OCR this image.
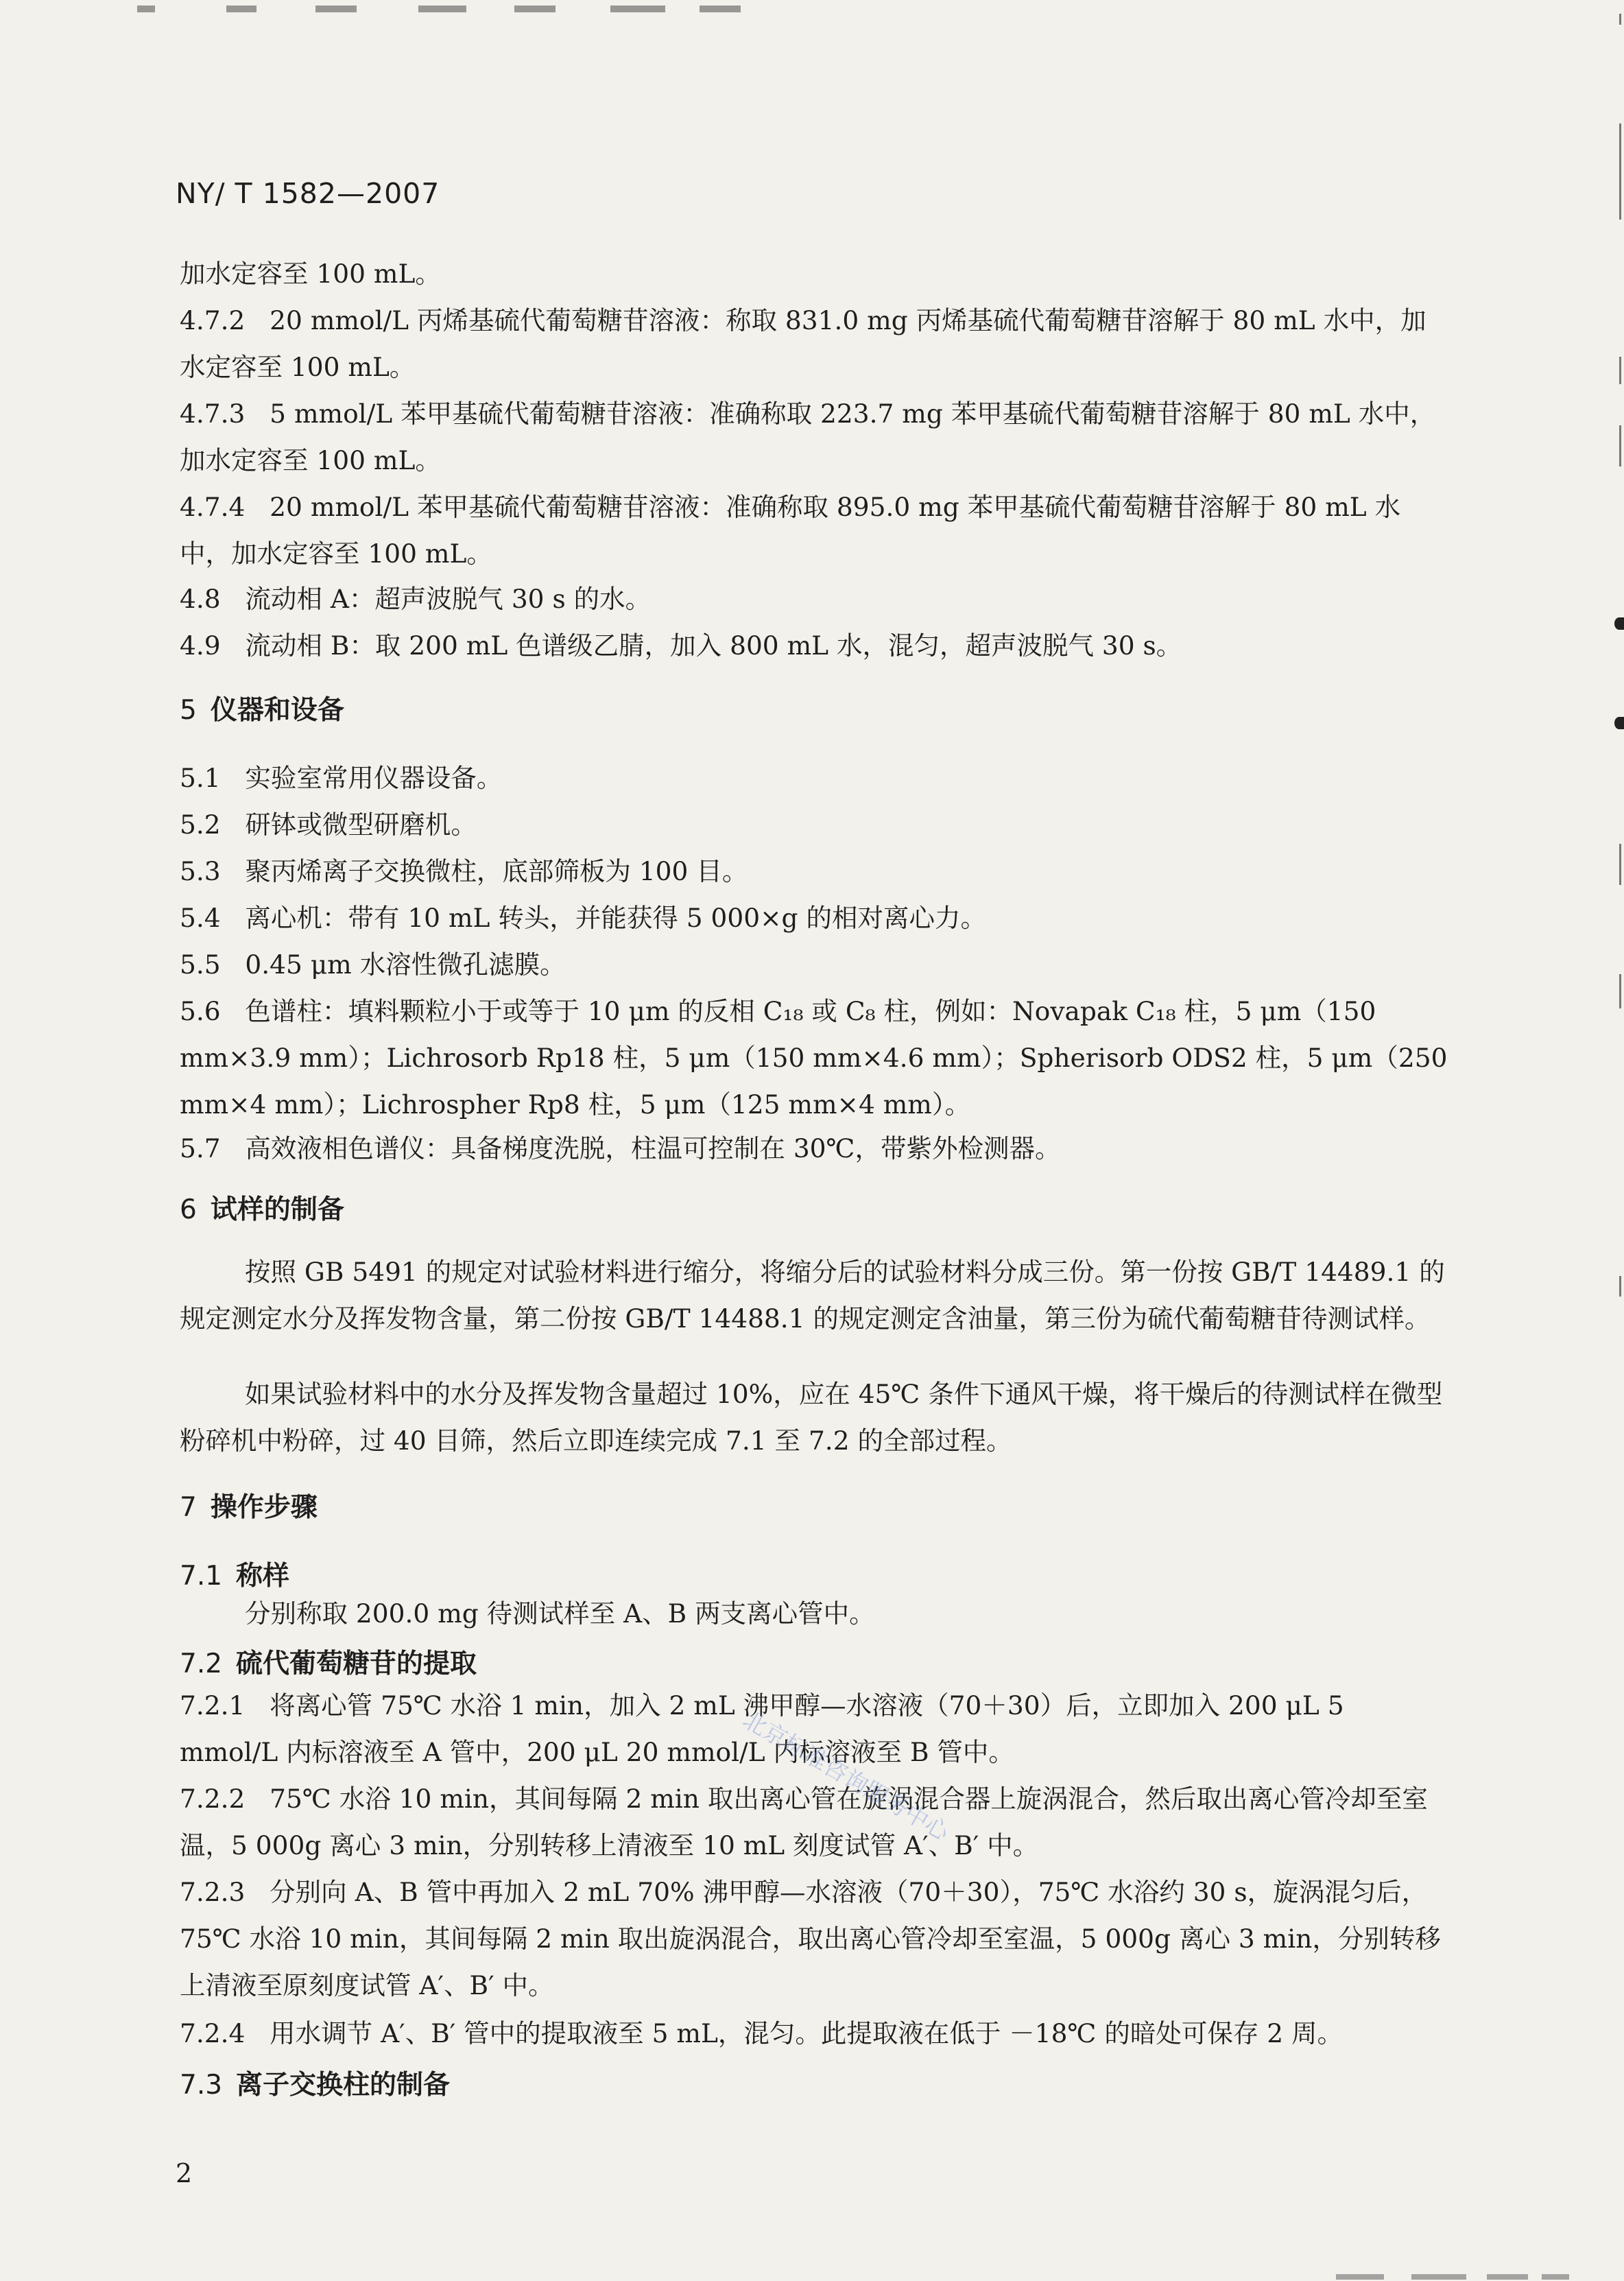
NY/ T 1582—2007
加水定容至 100 mL。
4.7.2   20 mmol/L 丙烯基硫代葡萄糖苷溶液：称取 831.0 mg 丙烯基硫代葡萄糖苷溶解于 80 mL 水中，加水定容至 100 mL。
4.7.3   5 mmol/L 苯甲基硫代葡萄糖苷溶液：准确称取 223.7 mg 苯甲基硫代葡萄糖苷溶解于 80 mL 水中，加水定容至 100 mL。
4.7.4   20 mmol/L 苯甲基硫代葡萄糖苷溶液：准确称取 895.0 mg 苯甲基硫代葡萄糖苷溶解于 80 mL 水中，加水定容至 100 mL。
4.8   流动相 A：超声波脱气 30 s 的水。
4.9   流动相 B：取 200 mL 色谱级乙腈，加入 800 mL 水，混匀，超声波脱气 30 s。
5 仪器和设备
5.1   实验室常用仪器设备。
5.2   研钵或微型研磨机。
5.3   聚丙烯离子交换微柱，底部筛板为 100 目。
5.4   离心机：带有 10 mL 转头，并能获得 5 000×g 的相对离心力。
5.5   0.45 μm 水溶性微孔滤膜。
5.6   色谱柱：填料颗粒小于或等于 10 μm 的反相 C₁₈ 或 C₈ 柱，例如：Novapak C₁₈ 柱，5 μm（150 mm×3.9 mm）；Lichrosorb Rp18 柱，5 μm（150 mm×4.6 mm）；Spherisorb ODS2 柱，5 μm（250 mm×4 mm）；Lichrospher Rp8 柱，5 μm（125 mm×4 mm）。
5.7   高效液相色谱仪：具备梯度洗脱，柱温可控制在 30℃，带紫外检测器。
6 试样的制备
按照 GB 5491 的规定对试验材料进行缩分，将缩分后的试验材料分成三份。第一份按 GB/T 14489.1 的规定测定水分及挥发物含量，第二份按 GB/T 14488.1 的规定测定含油量，第三份为硫代葡萄糖苷待测试样。
如果试验材料中的水分及挥发物含量超过 10%，应在 45℃ 条件下通风干燥，将干燥后的待测试样在微型粉碎机中粉碎，过 40 目筛，然后立即连续完成 7.1 至 7.2 的全部过程。
7 操作步骤
7.1 称样
分别称取 200.0 mg 待测试样至 A、B 两支离心管中。
7.2 硫代葡萄糖苷的提取
7.2.1   将离心管 75℃ 水浴 1 min，加入 2 mL 沸甲醇—水溶液（70＋30）后，立即加入 200 μL 5 mmol/L 内标溶液至 A 管中，200 μL 20 mmol/L 内标溶液至 B 管中。
7.2.2   75℃ 水浴 10 min，其间每隔 2 min 取出离心管在旋涡混合器上旋涡混合，然后取出离心管冷却至室温，5 000g 离心 3 min，分别转移上清液至 10 mL 刻度试管 A′、B′ 中。
7.2.3   分别向 A、B 管中再加入 2 mL 70% 沸甲醇—水溶液（70＋30），75℃ 水浴约 30 s，旋涡混匀后，75℃ 水浴 10 min，其间每隔 2 min 取出旋涡混合，取出离心管冷却至室温，5 000g 离心 3 min，分别转移上清液至原刻度试管 A′、B′ 中。
7.2.4   用水调节 A′、B′ 管中的提取液至 5 mL，混匀。此提取液在低于 －18℃ 的暗处可保存 2 周。
7.3 离子交换柱的制备
2
北京标准咨询服务中心
